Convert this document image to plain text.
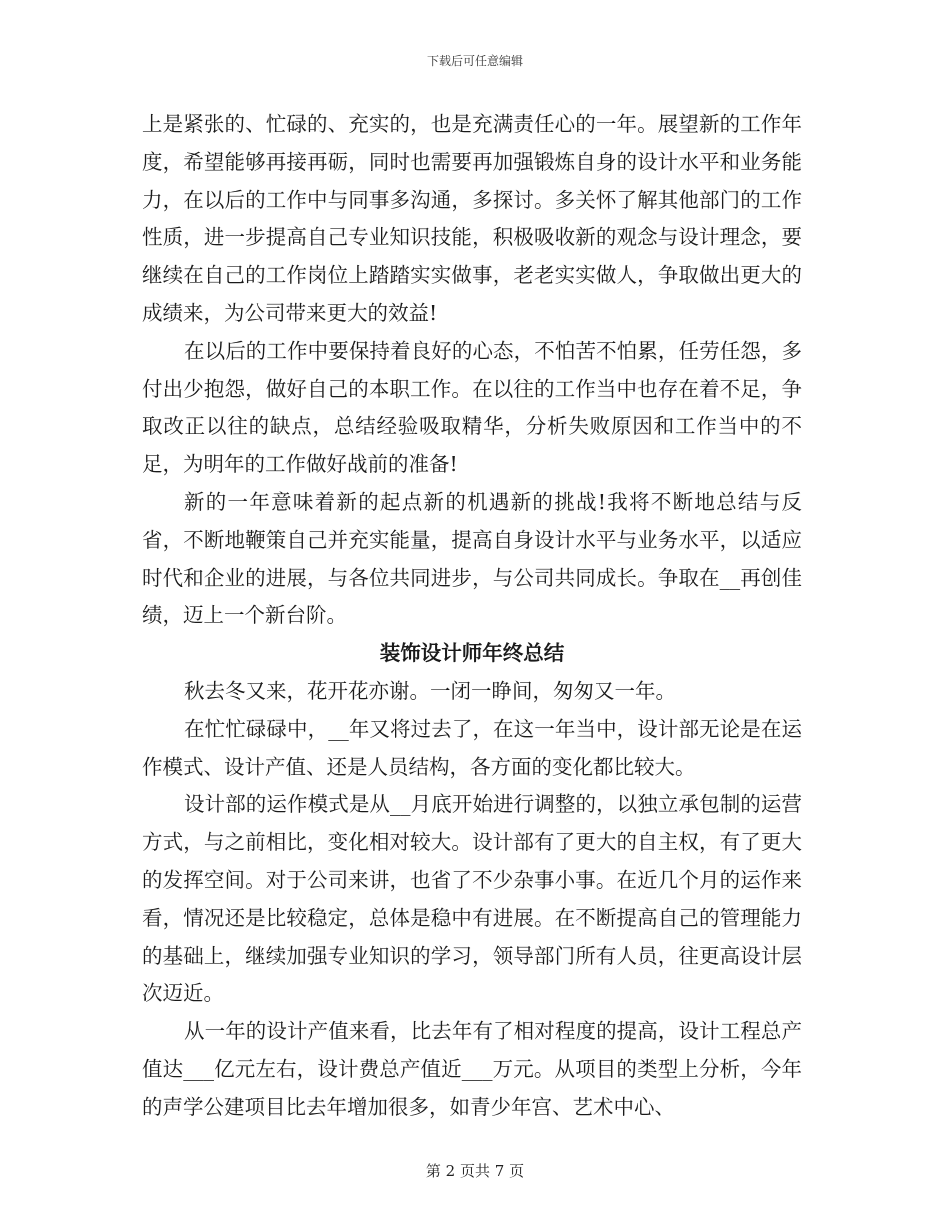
下载后可任意编辑

上是紧张的、忙碌的、充实的，也是充满责任心的一年。展望新的工作年度，希望能够再接再砺，同时也需要再加强锻炼自身的设计水平和业务能力，在以后的工作中与同事多沟通，多探讨。多关怀了解其他部门的工作性质，进一步提高自己专业知识技能，积极吸收新的观念与设计理念，要继续在自己的工作岗位上踏踏实实做事，老老实实做人，争取做出更大的成绩来，为公司带来更大的效益!

在以后的工作中要保持着良好的心态，不怕苦不怕累，任劳任怨，多付出少抱怨，做好自己的本职工作。在以往的工作当中也存在着不足，争取改正以往的缺点，总结经验吸取精华，分析失败原因和工作当中的不足，为明年的工作做好战前的准备!

新的一年意味着新的起点新的机遇新的挑战!我将不断地总结与反省，不断地鞭策自己并充实能量，提高自身设计水平与业务水平，以适应时代和企业的进展，与各位共同进步，与公司共同成长。争取在__再创佳绩，迈上一个新台阶。

装饰设计师年终总结

秋去冬又来，花开花亦谢。一闭一睁间，匆匆又一年。

在忙忙碌碌中，__年又将过去了，在这一年当中，设计部无论是在运作模式、设计产值、还是人员结构，各方面的变化都比较大。

设计部的运作模式是从__月底开始进行调整的，以独立承包制的运营方式，与之前相比，变化相对较大。设计部有了更大的自主权，有了更大的发挥空间。对于公司来讲，也省了不少杂事小事。在近几个月的运作来看，情况还是比较稳定，总体是稳中有进展。在不断提高自己的管理能力的基础上，继续加强专业知识的学习，领导部门所有人员，往更高设计层次迈近。

从一年的设计产值来看，比去年有了相对程度的提高，设计工程总产值达___亿元左右，设计费总产值近___万元。从项目的类型上分析，今年的声学公建项目比去年增加很多，如青少年宫、艺术中心、

第 2 页共 7 页
